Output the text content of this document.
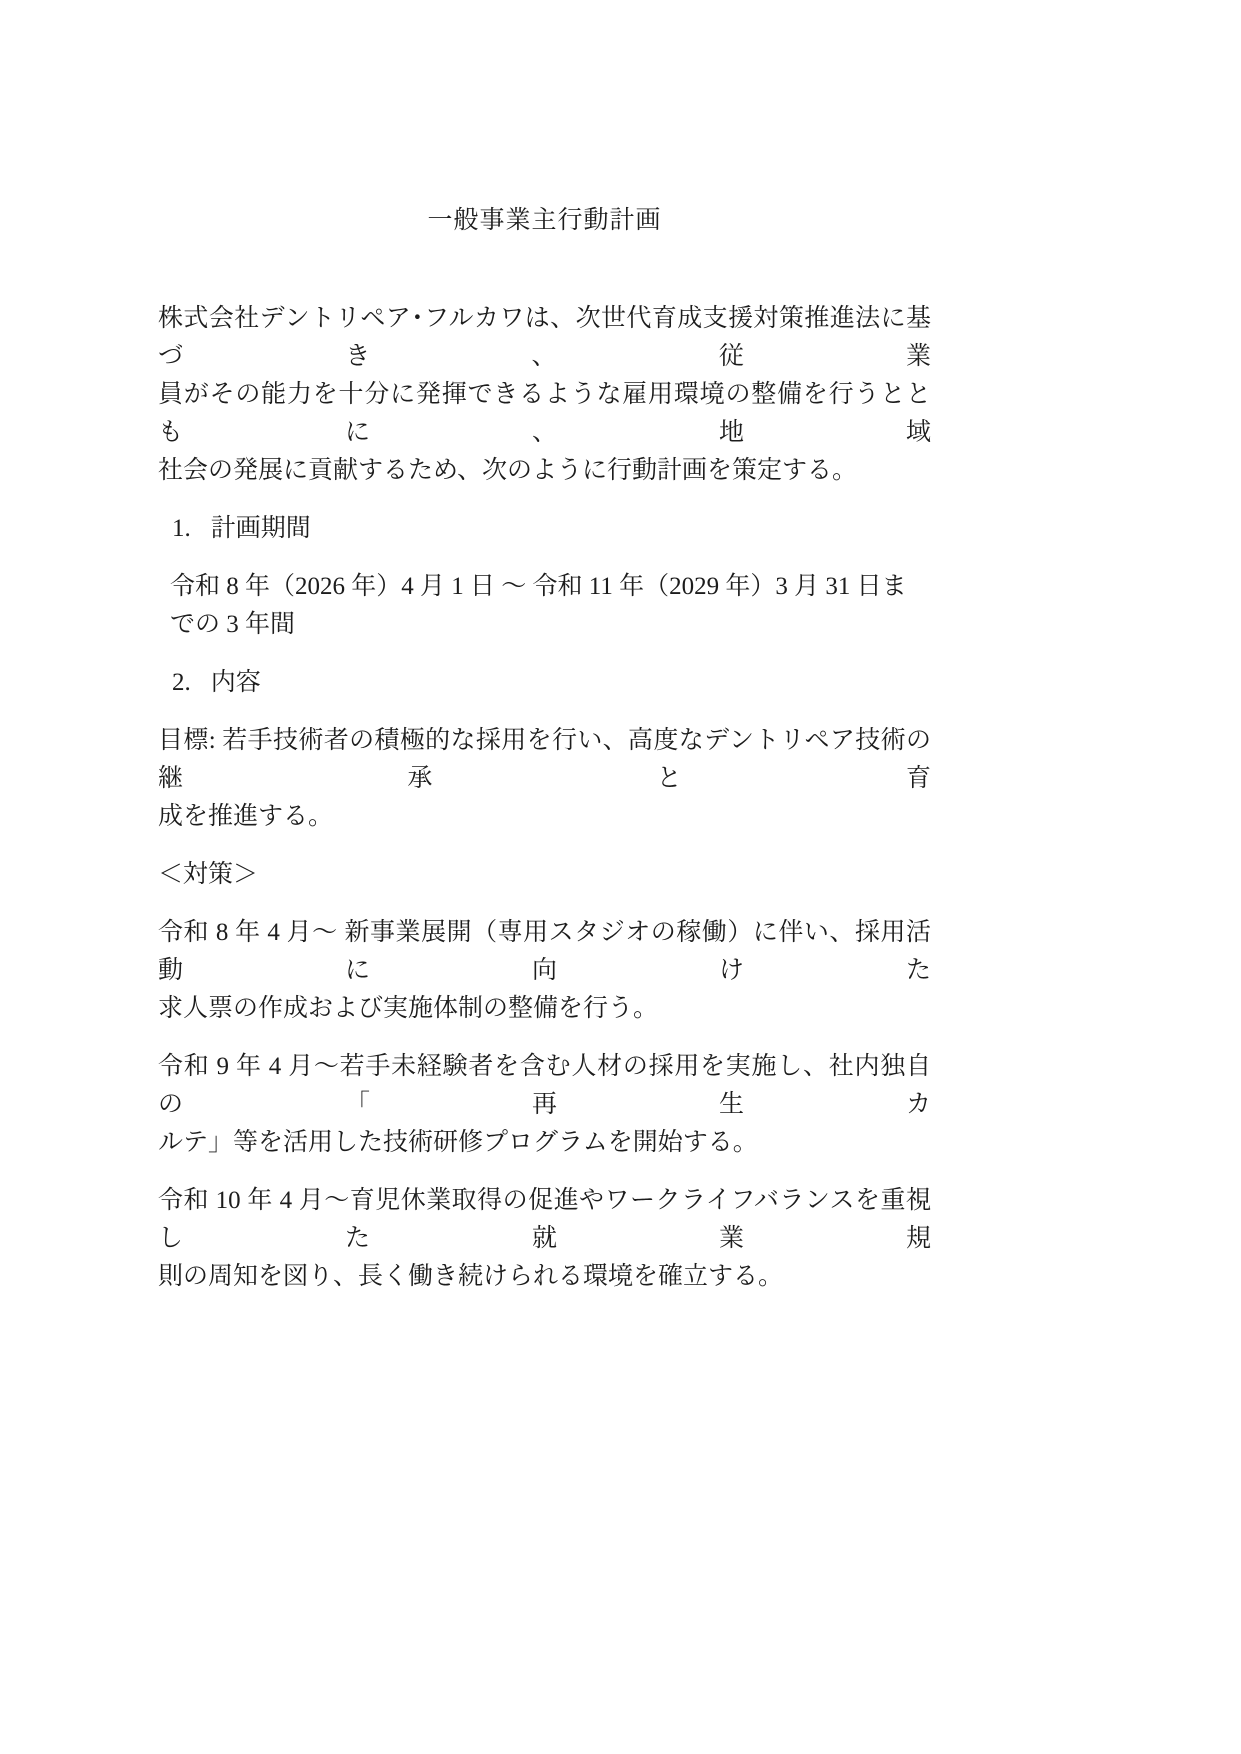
一般事業主行動計画
株式会社デントリペア･フルカワは、次世代育成支援対策推進法に基づき、従業
員がその能力を十分に発揮できるような雇用環境の整備を行うとともに、地域
社会の発展に貢献するため、次のように行動計画を策定する。
1. 計画期間
令和 8 年（2026 年）4 月 1 日 ～ 令和 11 年（2029 年）3 月 31 日までの 3 年間
2. 内容
目標: 若手技術者の積極的な採用を行い、高度なデントリペア技術の継承と育
成を推進する。
＜対策＞
令和 8 年 4 月～ 新事業展開（専用スタジオの稼働）に伴い、採用活動に向けた
求人票の作成および実施体制の整備を行う。
令和 9 年 4 月～若手未経験者を含む人材の採用を実施し、社内独自の「再生カ
ルテ」等を活用した技術研修プログラムを開始する。
令和 10 年 4 月～育児休業取得の促進やワークライフバランスを重視した就業規
則の周知を図り、長く働き続けられる環境を確立する。
